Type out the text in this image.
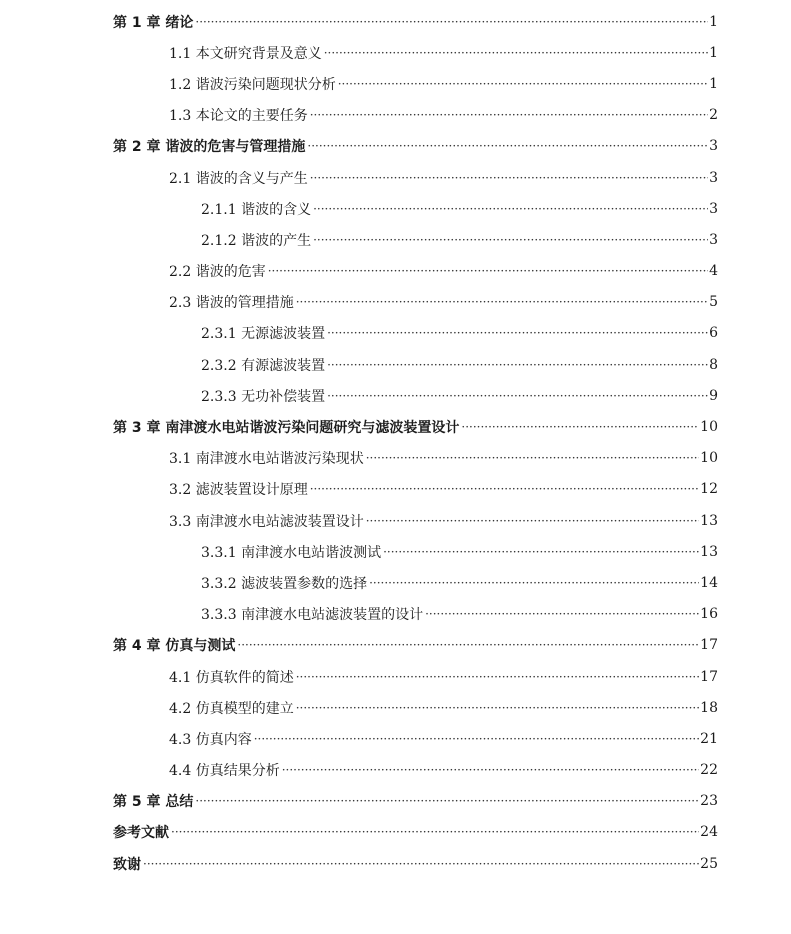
第 1 章 绪论 ·····	1
1.1 本文研究背景及意义 ·····	1
1.2 谐波污染问题现状分析 ·····	1
1.3 本论文的主要任务 ·····	2
第 2 章 谐波的危害与管理措施 ·····	3
2.1 谐波的含义与产生 ·····	3
2.1.1 谐波的含义 ·····	3
2.1.2 谐波的产生 ·····	3
2.2 谐波的危害 ·····	4
2.3 谐波的管理措施 ·····	5
2.3.1 无源滤波装置 ·····	6
2.3.2 有源滤波装置 ·····	8
2.3.3 无功补偿装置 ·····	9
第 3 章 南津渡水电站谐波污染问题研究与滤波装置设计 ·····	10
3.1 南津渡水电站谐波污染现状 ·····	10
3.2 滤波装置设计原理 ·····	12
3.3 南津渡水电站滤波装置设计 ·····	13
3.3.1 南津渡水电站谐波测试 ·····	13
3.3.2 滤波装置参数的选择 ·····	14
3.3.3 南津渡水电站滤波装置的设计 ·····	16
第 4 章 仿真与测试 ·····	17
4.1 仿真软件的简述 ·····	17
4.2 仿真模型的建立 ·····	18
4.3 仿真内容 ·····	21
4.4 仿真结果分析 ·····	22
第 5 章 总结 ·····	23
参考文献 ·····	24
致谢 ·····	25
